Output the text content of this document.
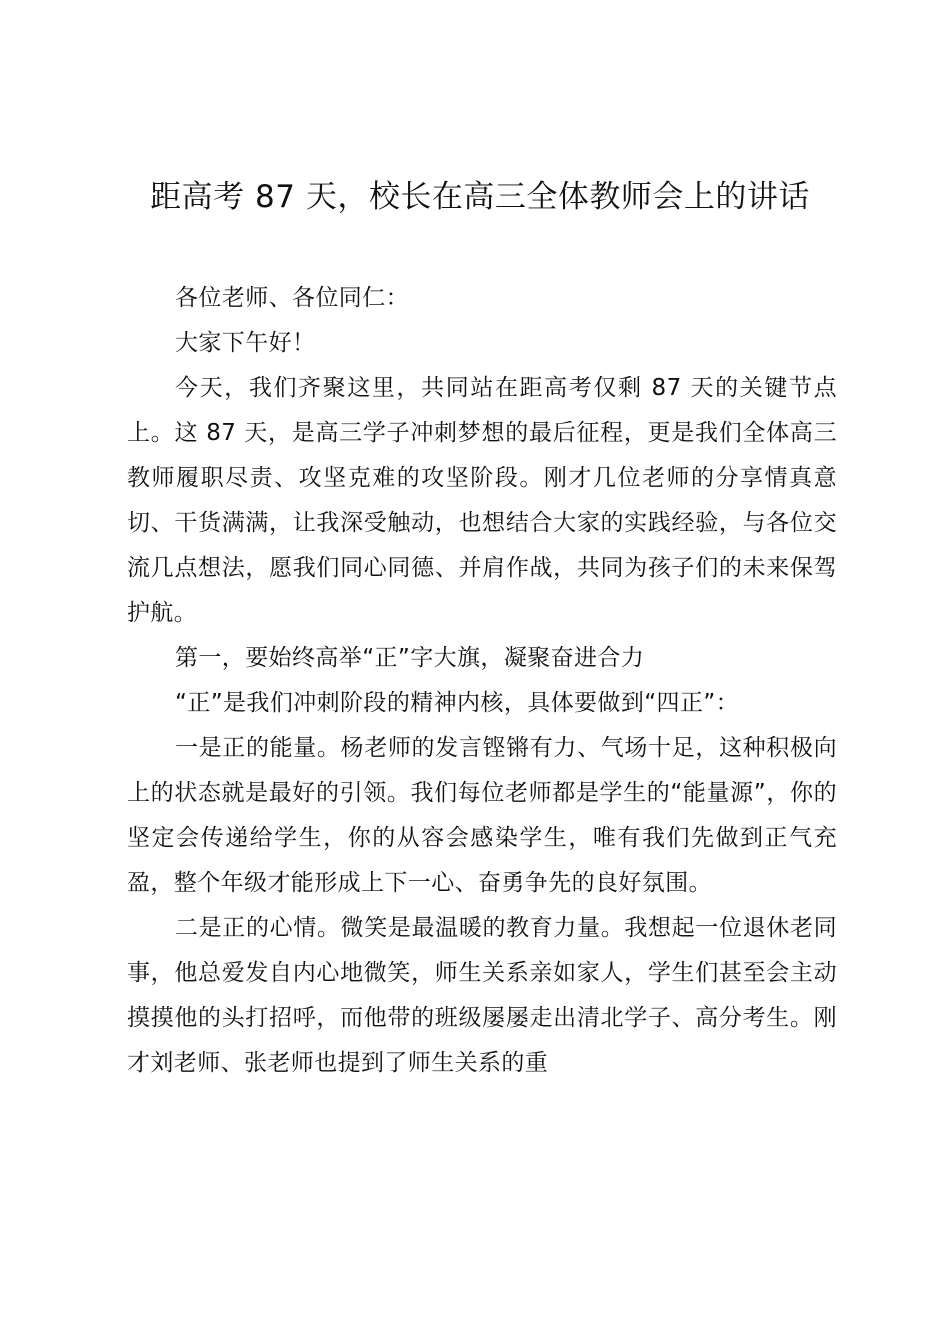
距高考 87 天，校长在高三全体教师会上的讲话

各位老师、各位同仁：

大家下午好！

今天，我们齐聚这里，共同站在距高考仅剩 87 天的关键节点上。这 87 天，是高三学子冲刺梦想的最后征程，更是我们全体高三教师履职尽责、攻坚克难的攻坚阶段。刚才几位老师的分享情真意切、干货满满，让我深受触动，也想结合大家的实践经验，与各位交流几点想法，愿我们同心同德、并肩作战，共同为孩子们的未来保驾护航。

第一，要始终高举“正”字大旗，凝聚奋进合力

“正”是我们冲刺阶段的精神内核，具体要做到“四正”：

一是正的能量。杨老师的发言铿锵有力、气场十足，这种积极向上的状态就是最好的引领。我们每位老师都是学生的“能量源”，你的坚定会传递给学生，你的从容会感染学生，唯有我们先做到正气充盈，整个年级才能形成上下一心、奋勇争先的良好氛围。

二是正的心情。微笑是最温暖的教育力量。我想起一位退休老同事，他总爱发自内心地微笑，师生关系亲如家人，学生们甚至会主动摸摸他的头打招呼，而他带的班级屡屡走出清北学子、高分考生。刚才刘老师、张老师也提到了师生关系的重
